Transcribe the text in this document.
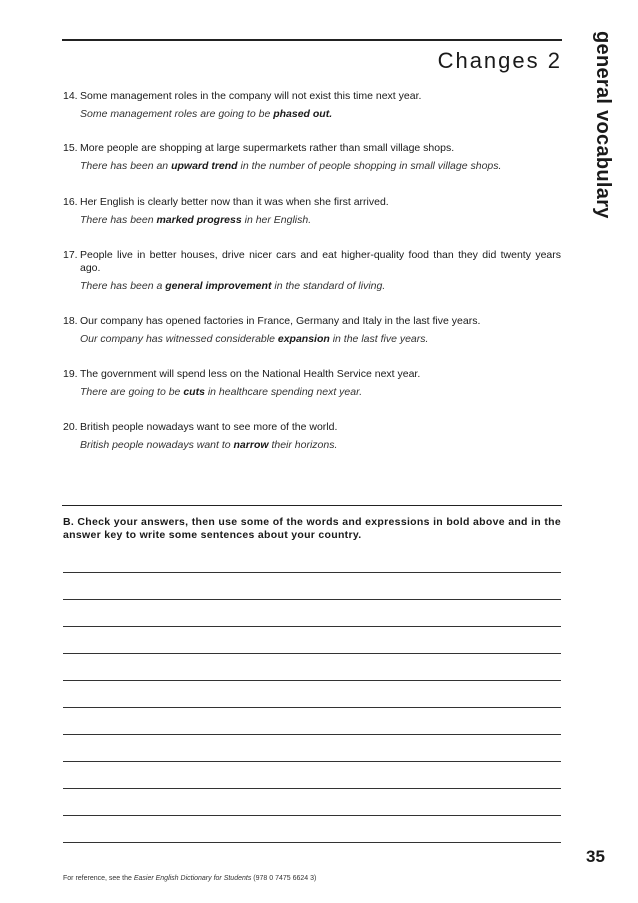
Changes 2 general vocabulary
14. Some management roles in the company will not exist this time next year.
Some management roles are going to be phased out.
15. More people are shopping at large supermarkets rather than small village shops.
There has been an upward trend in the number of people shopping in small village shops.
16. Her English is clearly better now than it was when she first arrived.
There has been marked progress in her English.
17. People live in better houses, drive nicer cars and eat higher-quality food than they did twenty years ago.
There has been a general improvement in the standard of living.
18. Our company has opened factories in France, Germany and Italy in the last five years.
Our company has witnessed considerable expansion in the last five years.
19. The government will spend less on the National Health Service next year.
There are going to be cuts in healthcare spending next year.
20. British people nowadays want to see more of the world.
British people nowadays want to narrow their horizons.
B. Check your answers, then use some of the words and expressions in bold above and in the answer key to write some sentences about your country.
35
For reference, see the Easier English Dictionary for Students (978 0 7475 6624 3)
